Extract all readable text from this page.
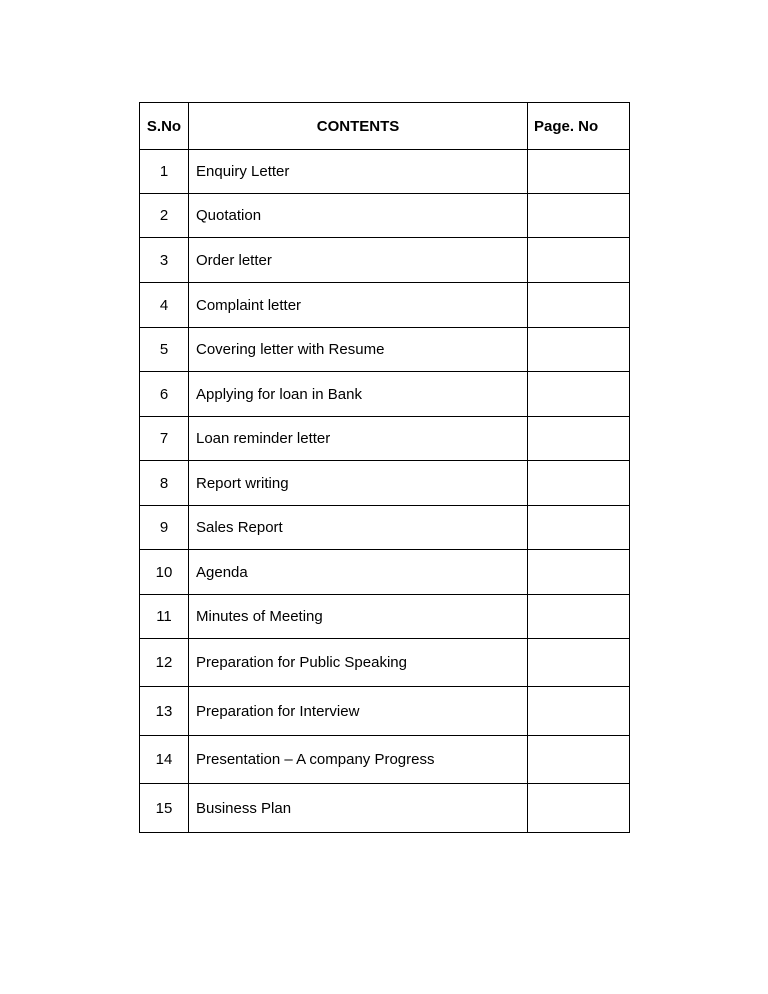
S.No	CONTENTS	Page. No
1	Enquiry Letter	
2	Quotation	
3	Order letter	
4	Complaint letter	
5	Covering letter with Resume	
6	Applying for loan in Bank	
7	Loan reminder letter	
8	Report writing	
9	Sales Report	
10	Agenda	
11	Minutes of Meeting	
12	Preparation for Public Speaking	
13	Preparation for Interview	
14	Presentation – A company Progress	
15	Business Plan	
